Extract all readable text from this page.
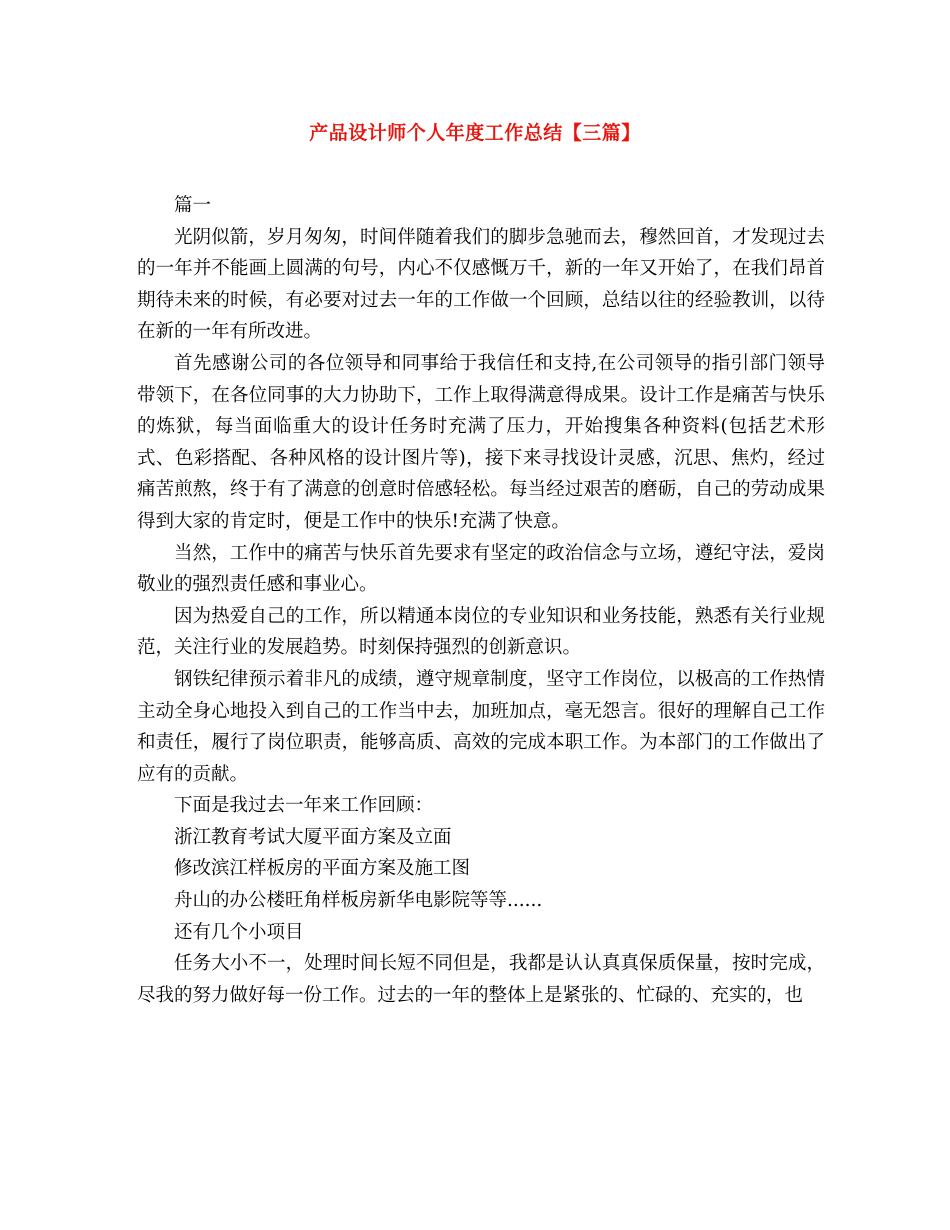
产品设计师个人年度工作总结【三篇】

篇一

光阴似箭，岁月匆匆，时间伴随着我们的脚步急驰而去，穆然回首，才发现过去的一年并不能画上圆满的句号，内心不仅感慨万千，新的一年又开始了，在我们昂首期待未来的时候，有必要对过去一年的工作做一个回顾，总结以往的经验教训，以待在新的一年有所改进。

首先感谢公司的各位领导和同事给于我信任和支持,在公司领导的指引部门领导带领下，在各位同事的大力协助下，工作上取得满意得成果。设计工作是痛苦与快乐的炼狱，每当面临重大的设计任务时充满了压力，开始搜集各种资料(包括艺术形式、色彩搭配、各种风格的设计图片等)，接下来寻找设计灵感，沉思、焦灼，经过痛苦煎熬，终于有了满意的创意时倍感轻松。每当经过艰苦的磨砺，自己的劳动成果得到大家的肯定时，便是工作中的快乐!充满了快意。

当然，工作中的痛苦与快乐首先要求有坚定的政治信念与立场，遵纪守法，爱岗敬业的强烈责任感和事业心。

因为热爱自己的工作，所以精通本岗位的专业知识和业务技能，熟悉有关行业规范，关注行业的发展趋势。时刻保持强烈的创新意识。

钢铁纪律预示着非凡的成绩，遵守规章制度，坚守工作岗位，以极高的工作热情主动全身心地投入到自己的工作当中去，加班加点，毫无怨言。很好的理解自己工作和责任，履行了岗位职责，能够高质、高效的完成本职工作。为本部门的工作做出了应有的贡献。

下面是我过去一年来工作回顾：

浙江教育考试大厦平面方案及立面

修改滨江样板房的平面方案及施工图

舟山的办公楼旺角样板房新华电影院等等......

还有几个小项目

任务大小不一，处理时间长短不同但是，我都是认认真真保质保量，按时完成，尽我的努力做好每一份工作。过去的一年的整体上是紧张的、忙碌的、充实的，也
